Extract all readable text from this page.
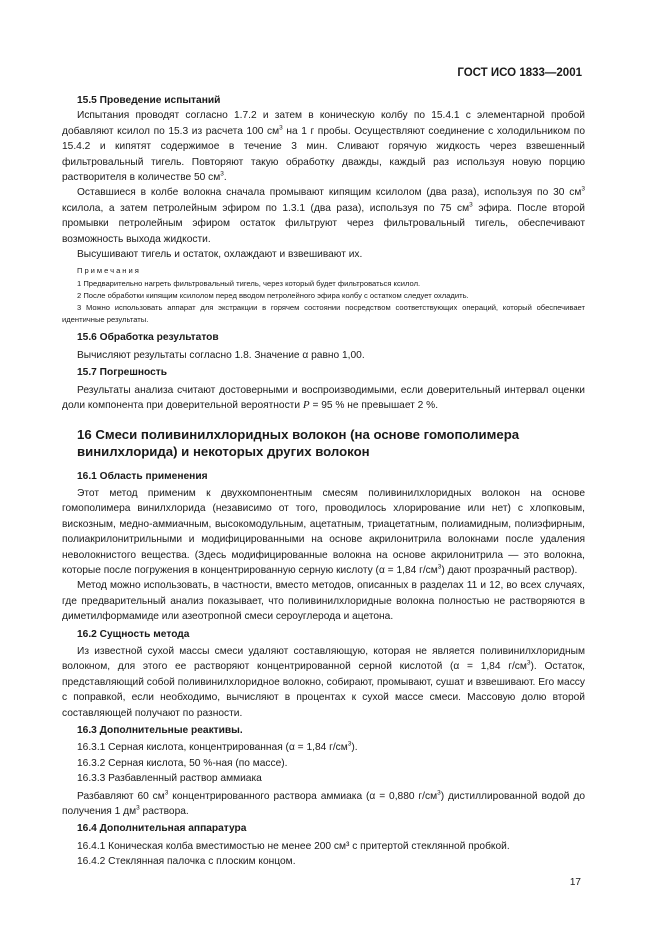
ГОСТ ИСО 1833—2001

15.5 Проведение испытаний

Испытания проводят согласно 1.7.2 и затем в коническую колбу по 15.4.1 с элементарной пробой добавляют ксилол по 15.3 из расчета 100 $см^3$ на 1 г пробы. Осуществляют соединение с холодильником по 15.4.2 и кипятят содержимое в течение 3 мин. Сливают горячую жидкость через взвешенный фильтровальный тигель. Повторяют такую обработку дважды, каждый раз используя новую порцию растворителя в количестве 50 $см^3$.

Оставшиеся в колбе волокна сначала промывают кипящим ксилолом (два раза), используя по 30 $см^3$ ксилола, а затем петролейным эфиром по 1.3.1 (два раза), используя по 75 $см^3$ эфира. После второй промывки петролейным эфиром остаток фильтруют через фильтровальный тигель, обеспечивают возможность выхода жидкости.

Высушивают тигель и остаток, охлаждают и взвешивают их.

Примечания

1 Предварительно нагреть фильтровальный тигель, через который будет фильтроваться ксилол.

2 После обработки кипящим ксилолом перед вводом петролейного эфира колбу с остатком следует охладить.

3 Можно использовать аппарат для экстракции в горячем состоянии посредством соответствующих операций, который обеспечивает идентичные результаты.

15.6 Обработка результатов

Вычисляют результаты согласно 1.8. Значение α равно 1,00.

15.7 Погрешность

Результаты анализа считают достоверными и воспроизводимыми, если доверительный интервал оценки доли компонента при доверительной вероятности P = 95 % не превышает 2 %.

16 Смеси поливинилхлоридных волокон (на основе гомополимера

винилхлорида) и некоторых других волокон

16.1 Область применения

Этот метод применим к двухкомпонентным смесям поливинилхлоридных волокон на основе гомополимера винилхлорида (независимо от того, проводилось хлорирование или нет) с хлопковым, вискозным, медно-аммиачным, высокомодульным, ацетатным, триацетатным, полиамидным, полиэфирным, полиакрилонитрильными и модифицированными на основе акрилонитрила волокнами после удаления неволокнистого вещества. (Здесь модифицированные волокна на основе акрилонитрила — это волокна, которые после погружения в концентрированную серную кислоту (α = 1,84 $г/см^3$) дают прозрачный раствор).

Метод можно использовать, в частности, вместо методов, описанных в разделах 11 и 12, во всех случаях, где предварительный анализ показывает, что поливинилхлоридные волокна полностью не растворяются в диметилформамиде или азеотропной смеси сероуглерода и ацетона.

16.2 Сущность метода

Из известной сухой массы смеси удаляют составляющую, которая не является поливинилхлоридным волокном, для этого ее растворяют концентрированной серной кислотой (α = 1,84 $г/см^3$). Остаток, представляющий собой поливинилхлоридное волокно, собирают, промывают, сушат и взвешивают. Его массу с поправкой, если необходимо, вычисляют в процентах к сухой массе смеси. Массовую долю второй составляющей получают по разности.

16.3 Дополнительные реактивы.

16.3.1 Серная кислота, концентрированная (α = 1,84 $г/см^3$).

16.3.2 Серная кислота, 50 %-ная (по массе).

16.3.3 Разбавленный раствор аммиака

Разбавляют 60 $см^3$ концентрированного раствора аммиака (α = 0,880 $г/см^3$) дистиллированной водой до получения 1 $дм^3$ раствора.

16.4 Дополнительная аппаратура

16.4.1 Коническая колба вместимостью не менее 200 см³ с притертой стеклянной пробкой.

16.4.2 Стеклянная палочка с плоским концом.

17
